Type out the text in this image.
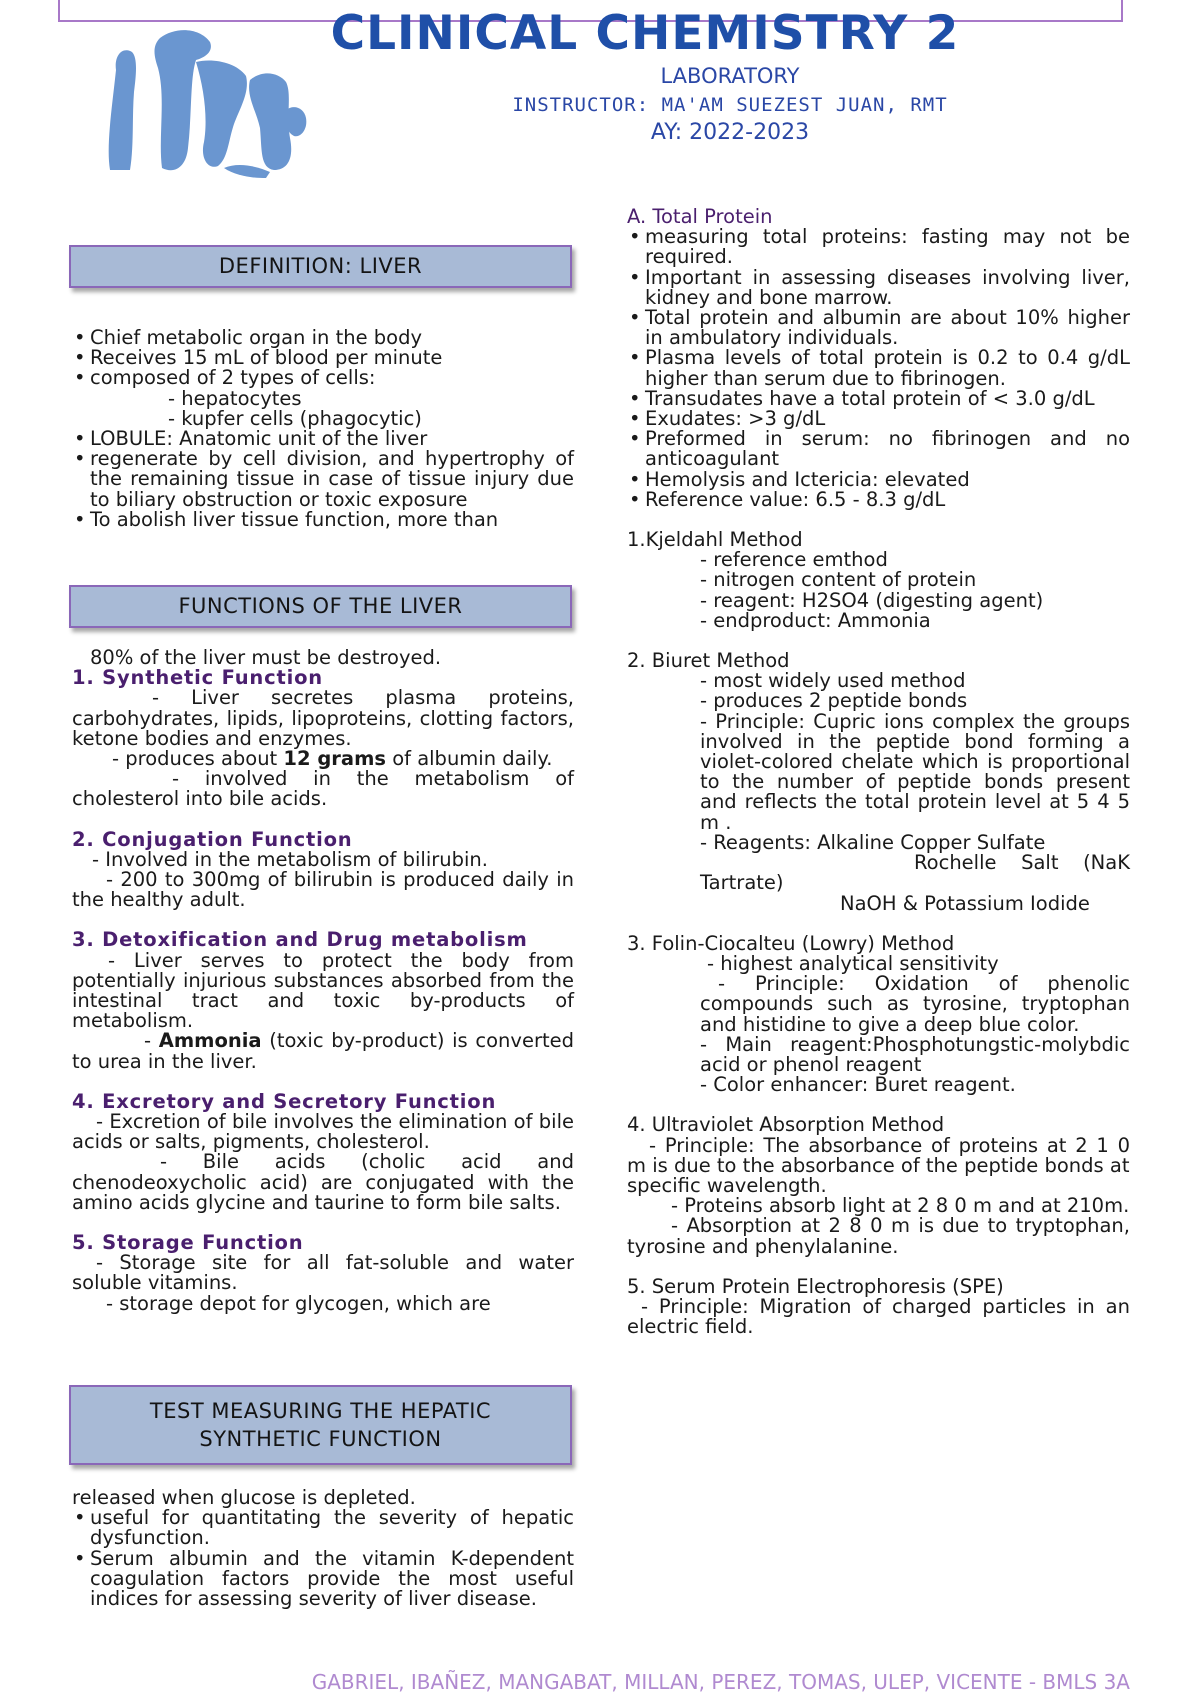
CLINICAL CHEMISTRY 2
LABORATORY
INSTRUCTOR: MA'AM SUEZEST JUAN, RMT
AY: 2022-2023
DEFINITION: LIVER
• Chief metabolic organ in the body
• Receives 15 mL of blood per minute
• composed of 2 types of cells:

- hepatocytes

- kupfer cells (phagocytic)

• LOBULE: Anatomic unit of the liver
• regenerate by cell division, and hypertrophy of the remaining tissue in case of tissue injury due to biliary obstruction or toxic exposure
• To abolish liver tissue function, more than
FUNCTIONS OF THE LIVER

80% of the liver must be destroyed.

1. Synthetic Function

- Liver secretes plasma proteins, carbohydrates, lipids, lipoproteins, clotting factors, ketone bodies and enzymes.

- produces about 12 grams of albumin daily.

- involved in the metabolism of cholesterol into bile acids.

2. Conjugation Function

- Involved in the metabolism of bilirubin.

- 200 to 300mg of bilirubin is produced daily in the healthy adult.

3. Detoxification and Drug metabolism

- Liver serves to protect the body from potentially injurious substances absorbed from the intestinal tract and toxic by-products of metabolism.

- Ammonia (toxic by-product) is converted to urea in the liver.

4. Excretory and Secretory Function

- Excretion of bile involves the elimination of bile acids or salts, pigments, cholesterol.

- Bile acids (cholic acid and chenodeoxycholic acid) are conjugated with the amino acids glycine and taurine to form bile salts.

5. Storage Function

- Storage site for all fat-soluble and water soluble vitamins.

- storage depot for glycogen, which are

TEST MEASURING THE HEPATIC
SYNTHETIC FUNCTION

released when glucose is depleted.

• useful for quantitating the severity of hepatic dysfunction.
• Serum albumin and the vitamin K-dependent coagulation factors provide the most useful indices for assessing severity of liver disease.

A. Total Protein

• measuring total proteins: fasting may not be required.
• Important in assessing diseases involving liver, kidney and bone marrow.
• Total protein and albumin are about 10% higher in ambulatory individuals.
• Plasma levels of total protein is 0.2 to 0.4 g/dL higher than serum due to fibrinogen.
• Transudates have a total protein of < 3.0 g/dL
• Exudates: >3 g/dL
• Preformed in serum: no fibrinogen and no anticoagulant
• Hemolysis and Ictericia: elevated
• Reference value: 6.5 - 8.3 g/dL

1.Kjeldahl Method

- reference emthod

- nitrogen content of protein

- reagent: H2SO4 (digesting agent)

- endproduct: Ammonia

2. Biuret Method

- most widely used method

- produces 2 peptide bonds

- Principle: Cupric ions complex the groups involved in the peptide bond forming a violet-colored chelate which is proportional to the number of peptide bonds present and reflects the total protein level at 5 4 5 m .

- Reagents: Alkaline Copper Sulfate

Rochelle Salt (NaK Tartrate)

NaOH & Potassium Iodide

3. Folin-Ciocalteu (Lowry) Method

- highest analytical sensitivity

- Principle: Oxidation of phenolic compounds such as tyrosine, tryptophan and histidine to give a deep blue color.

- Main reagent:Phosphotungstic-molybdic acid or phenol reagent

- Color enhancer: Buret reagent.

4. Ultraviolet Absorption Method

- Principle: The absorbance of proteins at 2 1 0 m is due to the absorbance of the peptide bonds at

specific wavelength.

- Proteins absorb light at 2 8 0 m and at 210m.

- Absorption at 2 8 0 m is due to tryptophan, tyrosine and phenylalanine.

5. Serum Protein Electrophoresis (SPE)

- Principle: Migration of charged particles in an electric field.

GABRIEL, IBAÑEZ, MANGABAT, MILLAN, PEREZ, TOMAS, ULEP, VICENTE - BMLS 3A
